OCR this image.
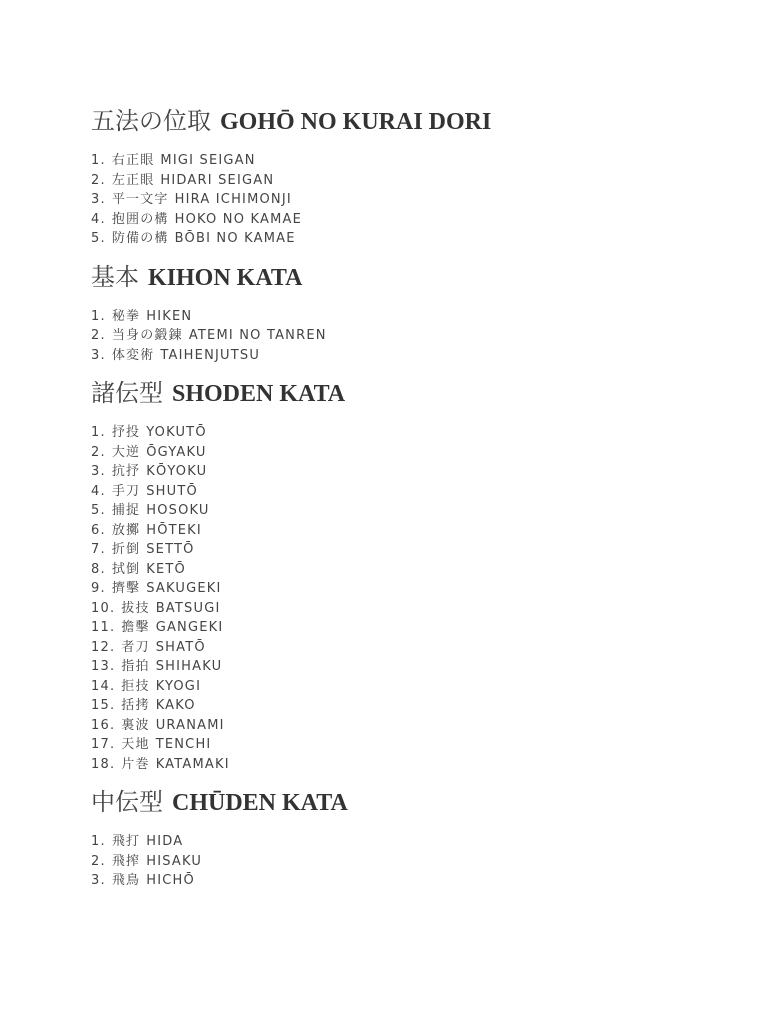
五法の位取 GOHŌ NO KURAI DORI
1. 右正眼 MIGI SEIGAN
2. 左正眼 HIDARI SEIGAN
3. 平一文字 HIRA ICHIMONJI
4. 抱囲の構 HOKO NO KAMAE
5. 防備の構 BŌBI NO KAMAE
基本 KIHON KATA
1. 秘拳 HIKEN
2. 当身の鍛錬 ATEMI NO TANREN
3. 体変術 TAIHENJUTSU
諸伝型 SHODEN KATA
1. 抒投 YOKUTŌ
2. 大逆 ŌGYAKU
3. 抗抒 KŌYOKU
4. 手刀 SHUTŌ
5. 捕捉 HOSOKU
6. 放擲 HŌTEKI
7. 折倒 SETTŌ
8. 拭倒 KETŌ
9. 擠擊 SAKUGEKI
10. 拔技 BATSUGI
11. 擔擊 GANGEKI
12. 者刀 SHATŌ
13. 指拍 SHIHAKU
14. 拒技 KYOGI
15. 括拷 KAKO
16. 裏波 URANAMI
17. 天地 TENCHI
18. 片巻 KATAMAKI
中伝型 CHŪDEN KATA
1. 飛打 HIDA
2. 飛搾 HISAKU
3. 飛鳥 HICHŌ
